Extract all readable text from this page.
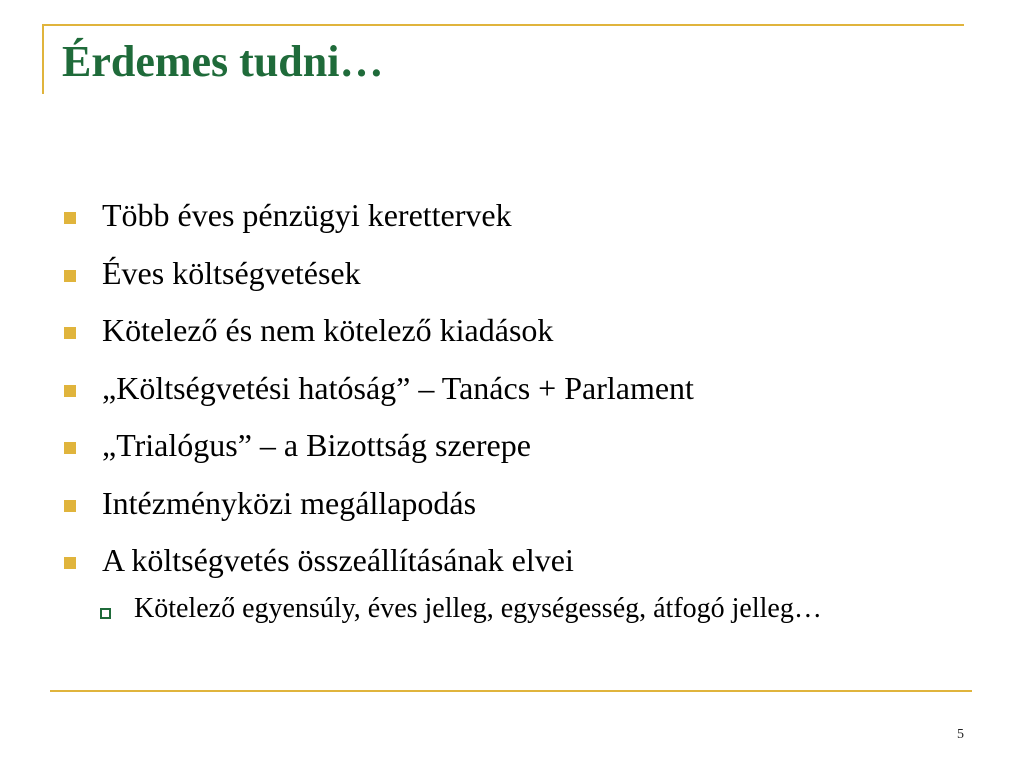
Érdemes tudni…
Több éves pénzügyi kerettervek
Éves költségvetések
Kötelező és nem kötelező kiadások
„Költségvetési hatóság” – Tanács + Parlament
„Trialógus” – a Bizottság szerepe
Intézményközi megállapodás
A költségvetés összeállításának elvei
Kötelező egyensúly, éves jelleg, egységesség, átfogó jelleg…
5
